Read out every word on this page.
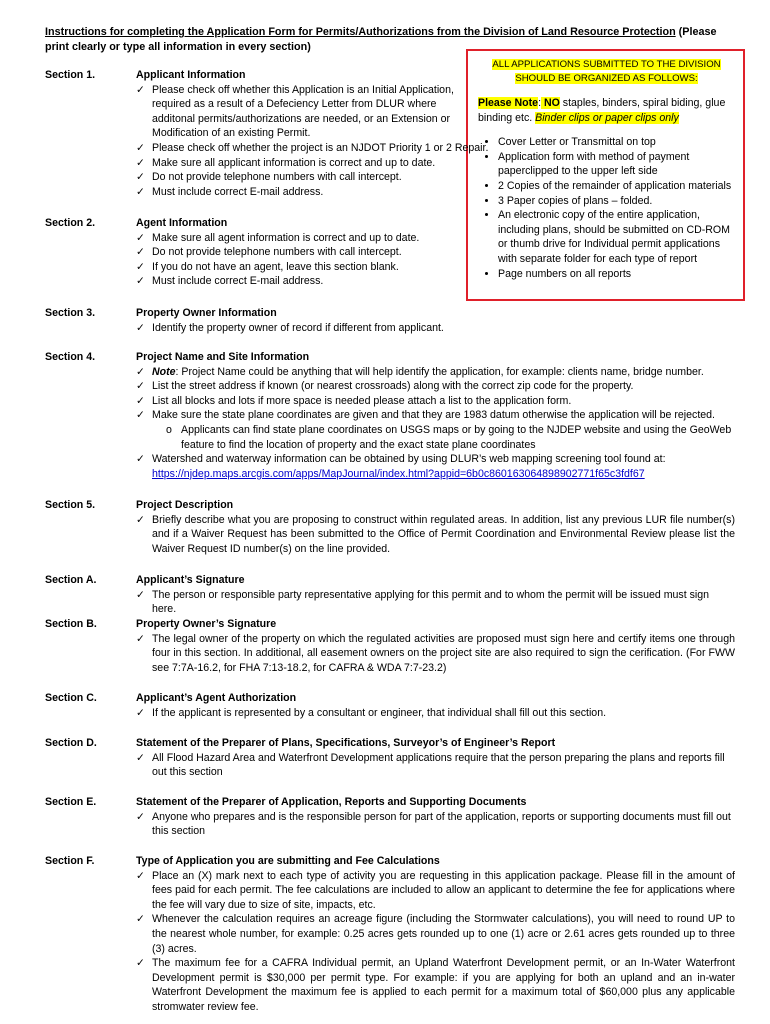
Instructions for completing the Application Form for Permits/Authorizations from the Division of Land Resource Protection (Please
print clearly or type all information in every section)
ALL APPLICATIONS SUBMITTED TO THE DIVISION
SHOULD BE ORGANIZED AS FOLLOWS:
Please Note: NO staples, binders, spiral biding, glue binding etc. Binder clips or paper clips only
• Cover Letter or Transmittal on top
• Application form with method of payment paperclipped to the upper left side
• 2 Copies of the remainder of application materials
• 3 Paper copies of plans – folded.
• An electronic copy of the entire application, including plans, should be submitted on CD-ROM or thumb drive for Individual permit applications with separate folder for each type of report
• Page numbers on all reports
Section 1.	Applicant Information
✓ Please check off whether this Application is an Initial Application, required as a result of a Defeciency Letter from DLUR where additonal permits/authorizations are needed, or an Extension or Modification of an existing Permit.
✓ Please check off whether the project is an NJDOT Priority 1 or 2 Repair.
✓ Make sure all applicant information is correct and up to date.
✓ Do not provide telephone numbers with call intercept.
✓ Must include correct E-mail address.
Section 2.	Agent Information
✓ Make sure all agent information is correct and up to date.
✓ Do not provide telephone numbers with call intercept.
✓ If you do not have an agent, leave this section blank.
✓ Must include correct E-mail address.
Section 3.	Property Owner Information
✓ Identify the property owner of record if different from applicant.
Section 4.	Project Name and Site Information
✓ Note: Project Name could be anything that will help identify the application, for example: clients name, bridge number.
✓ List the street address if known (or nearest crossroads) along with the correct zip code for the property.
✓ List all blocks and lots if more space is needed please attach a list to the application form.
✓ Make sure the state plane coordinates are given and that they are 1983 datum otherwise the application will be rejected.
o Applicants can find state plane coordinates on USGS maps or by going to the NJDEP website and using the GeoWeb feature to find the location of property and the exact state plane coordinates
✓ Watershed and waterway information can be obtained by using DLUR’s web mapping screening tool found at:
https://njdep.maps.arcgis.com/apps/MapJournal/index.html?appid=6b0c8601630648989027​71f65c3fdf67
Section 5.	Project Description
✓ Briefly describe what you are proposing to construct within regulated areas. In addition, list any previous LUR file number(s) and if a Waiver Request has been submitted to the Office of Permit Coordination and Environmental Review please list the Waiver Request ID number(s) on the line provided.
Section A.	Applicant’s Signature
✓ The person or responsible party representative applying for this permit and to whom the permit will be issued must sign here.
Section B.	Property Owner’s Signature
✓ The legal owner of the property on which the regulated activities are proposed must sign here and certify items one through four in this section. In additional, all easement owners on the project site are also required to sign the cerification. (For FWW see 7:7A-16.2, for FHA 7:13-18.2, for CAFRA & WDA 7:7-23.2)
Section C.	Applicant’s Agent Authorization
✓ If the applicant is represented by a consultant or engineer, that individual shall fill out this section.
Section D.	Statement of the Preparer of Plans, Specifications, Surveyor’s of Engineer’s Report
✓ All Flood Hazard Area and Waterfront Development applications require that the person preparing the plans and reports fill out this section
Section E.	Statement of the Preparer of Application, Reports and Supporting Documents
✓ Anyone who prepares and is the responsible person for part of the application, reports or supporting documents must fill out this section
Section F.	Type of Application you are submitting and Fee Calculations
✓ Place an (X) mark next to each type of activity you are requesting in this application package. Please fill in the amount of fees paid for each permit. The fee calculations are included to allow an applicant to determine the fee for applications where the fee will vary due to size of site, impacts, etc.
✓ Whenever the calculation requires an acreage figure (including the Stormwater calculations), you will need to round UP to the nearest whole number, for example: 0.25 acres gets rounded up to one (1) acre or 2.61 acres gets rounded up to three (3) acres.
✓ The maximum fee for a CAFRA Individual permit, an Upland Waterfront Development permit, or an In-Water Waterfront Development permit is $30,000 per permit type. For example: if you are applying for both an upland and an in-water Waterfront Development the maximum fee is applied to each permit for a maximum total of $60,000 plus any applicable stromwater review fee.
